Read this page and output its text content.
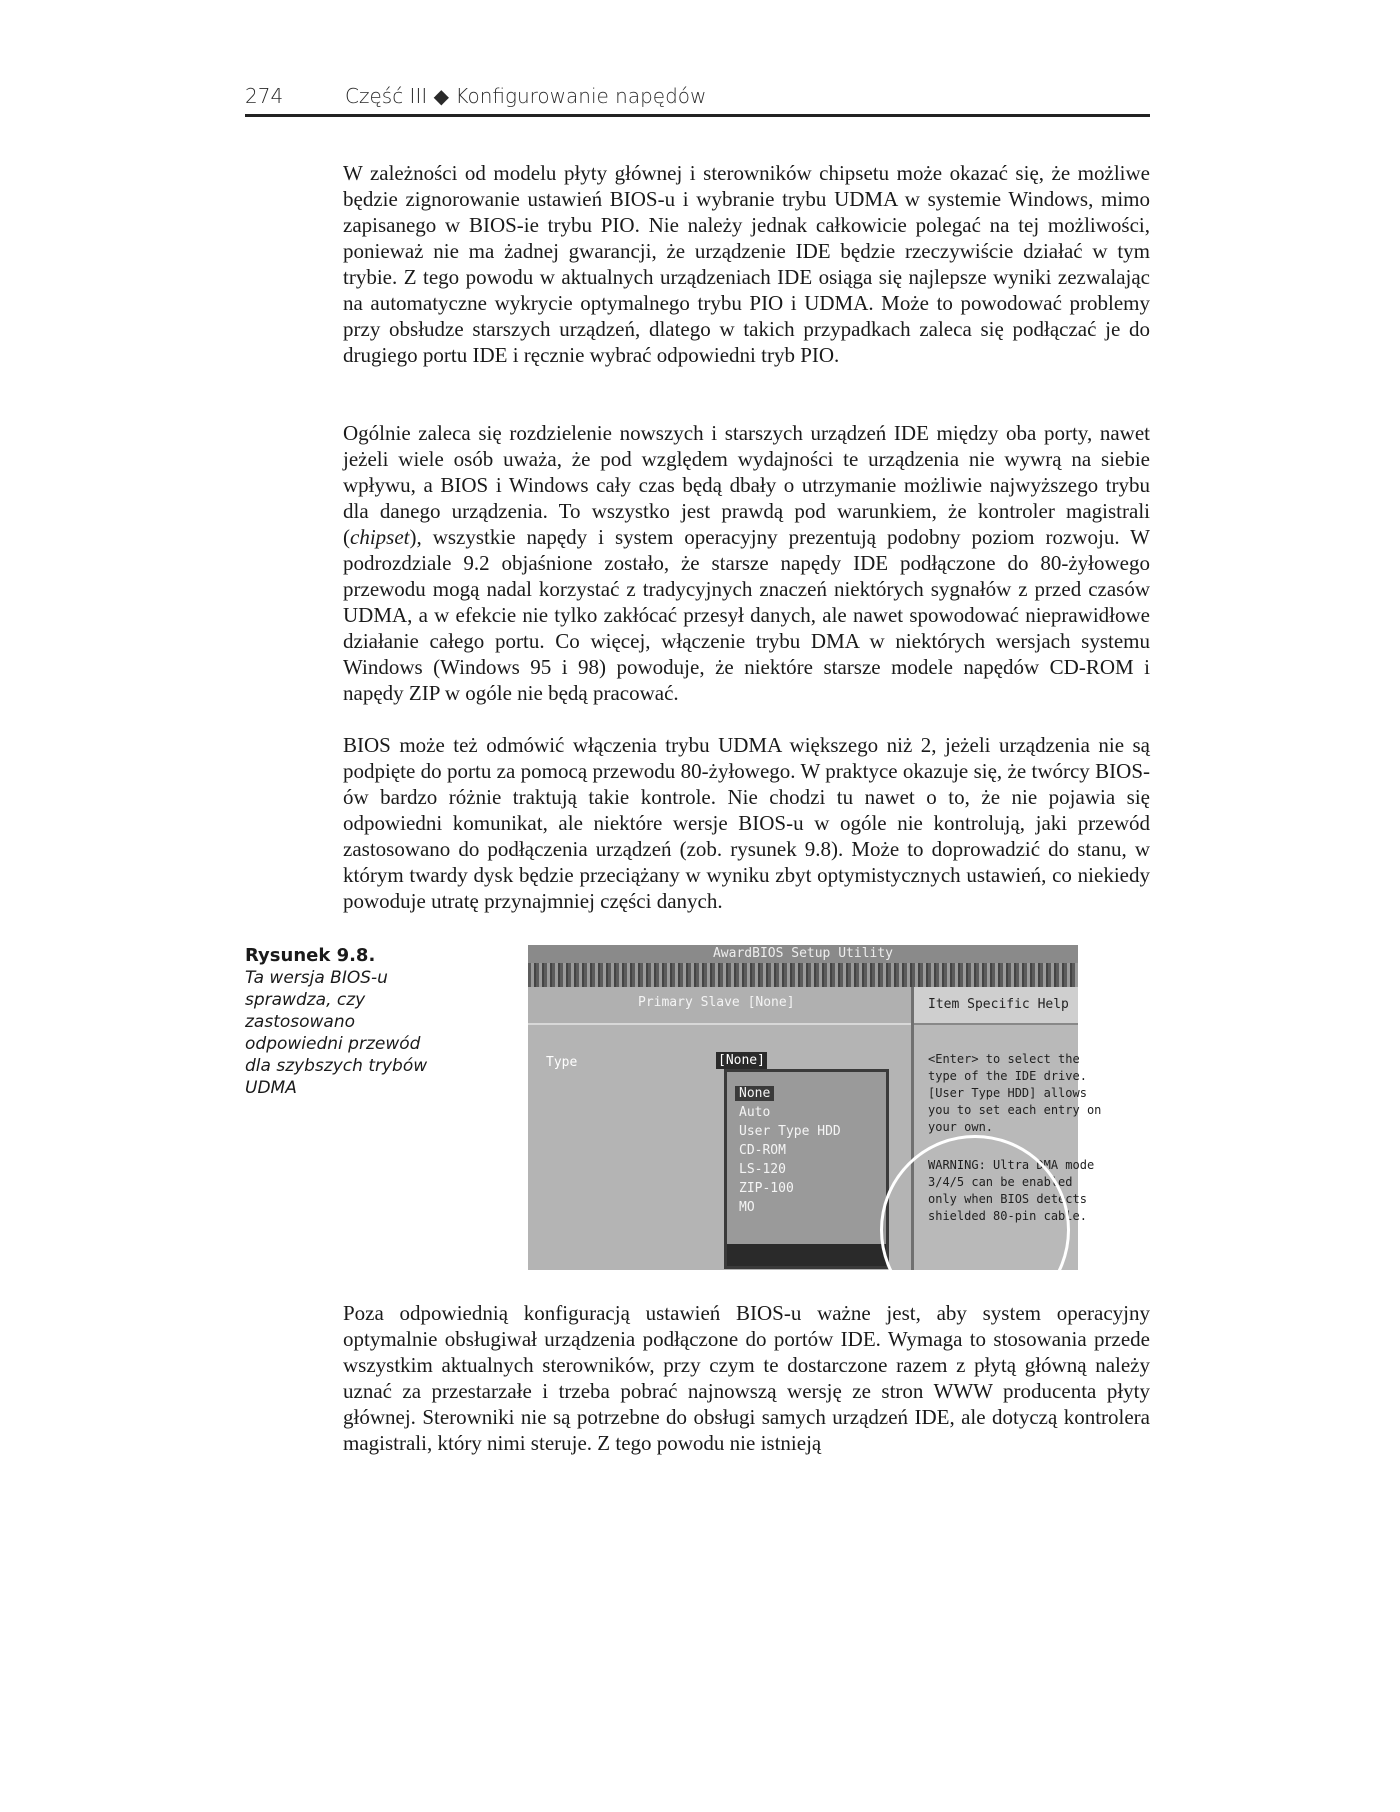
274	Część III ◆ Konfigurowanie napędów

W zależności od modelu płyty głównej i sterowników chipsetu może okazać się, że możliwe będzie zignorowanie ustawień BIOS-u i wybranie trybu UDMA w systemie Windows, mimo zapisanego w BIOS-ie trybu PIO. Nie należy jednak całkowicie polegać na tej możliwości, ponieważ nie ma żadnej gwarancji, że urządzenie IDE będzie rzeczywiście działać w tym trybie. Z tego powodu w aktualnych urządzeniach IDE osiąga się najlepsze wyniki zezwalając na automatyczne wykrycie optymalnego trybu PIO i UDMA. Może to powodować problemy przy obsłudze starszych urządzeń, dlatego w takich przypadkach zaleca się podłączać je do drugiego portu IDE i ręcznie wybrać odpowiedni tryb PIO.

Ogólnie zaleca się rozdzielenie nowszych i starszych urządzeń IDE między oba porty, nawet jeżeli wiele osób uważa, że pod względem wydajności te urządzenia nie wywrą na siebie wpływu, a BIOS i Windows cały czas będą dbały o utrzymanie możliwie najwyższego trybu dla danego urządzenia. To wszystko jest prawdą pod warunkiem, że kontroler magistrali (chipset), wszystkie napędy i system operacyjny prezentują podobny poziom rozwoju. W podrozdziale 9.2 objaśnione zostało, że starsze napędy IDE podłączone do 80-żyłowego przewodu mogą nadal korzystać z tradycyjnych znaczeń niektórych sygnałów z przed czasów UDMA, a w efekcie nie tylko zakłócać przesył danych, ale nawet spowodować nieprawidłowe działanie całego portu. Co więcej, włączenie trybu DMA w niektórych wersjach systemu Windows (Windows 95 i 98) powoduje, że niektóre starsze modele napędów CD-ROM i napędy ZIP w ogóle nie będą pracować.

BIOS może też odmówić włączenia trybu UDMA większego niż 2, jeżeli urządzenia nie są podpięte do portu za pomocą przewodu 80-żyłowego. W praktyce okazuje się, że twórcy BIOS-ów bardzo różnie traktują takie kontrole. Nie chodzi tu nawet o to, że nie pojawia się odpowiedni komunikat, ale niektóre wersje BIOS-u w ogóle nie kontrolują, jaki przewód zastosowano do podłączenia urządzeń (zob. rysunek 9.8). Może to doprowadzić do stanu, w którym twardy dysk będzie przeciążany w wyniku zbyt optymistycznych ustawień, co niekiedy powoduje utratę przynajmniej części danych.

Rysunek 9.8.
Ta wersja BIOS-u sprawdza, czy zastosowano odpowiedni przewód dla szybszych trybów UDMA
AwardBIOS Setup Utility
Primary Slave [None]	Item Specific Help
Type	[None]
None
Auto
User Type HDD
CD-ROM
LS-120
ZIP-100
MO
<Enter> to select the
type of the IDE drive.
[User Type HDD] allows
you to set each entry on
your own.
WARNING: Ultra DMA mode
3/4/5 can be enabled
only when BIOS detects
shielded 80-pin cable.

Poza odpowiednią konfiguracją ustawień BIOS-u ważne jest, aby system operacyjny optymalnie obsługiwał urządzenia podłączone do portów IDE. Wymaga to stosowania przede wszystkim aktualnych sterowników, przy czym te dostarczone razem z płytą główną należy uznać za przestarzałe i trzeba pobrać najnowszą wersję ze stron WWW producenta płyty głównej. Sterowniki nie są potrzebne do obsługi samych urządzeń IDE, ale dotyczą kontrolera magistrali, który nimi steruje. Z tego powodu nie istnieją
